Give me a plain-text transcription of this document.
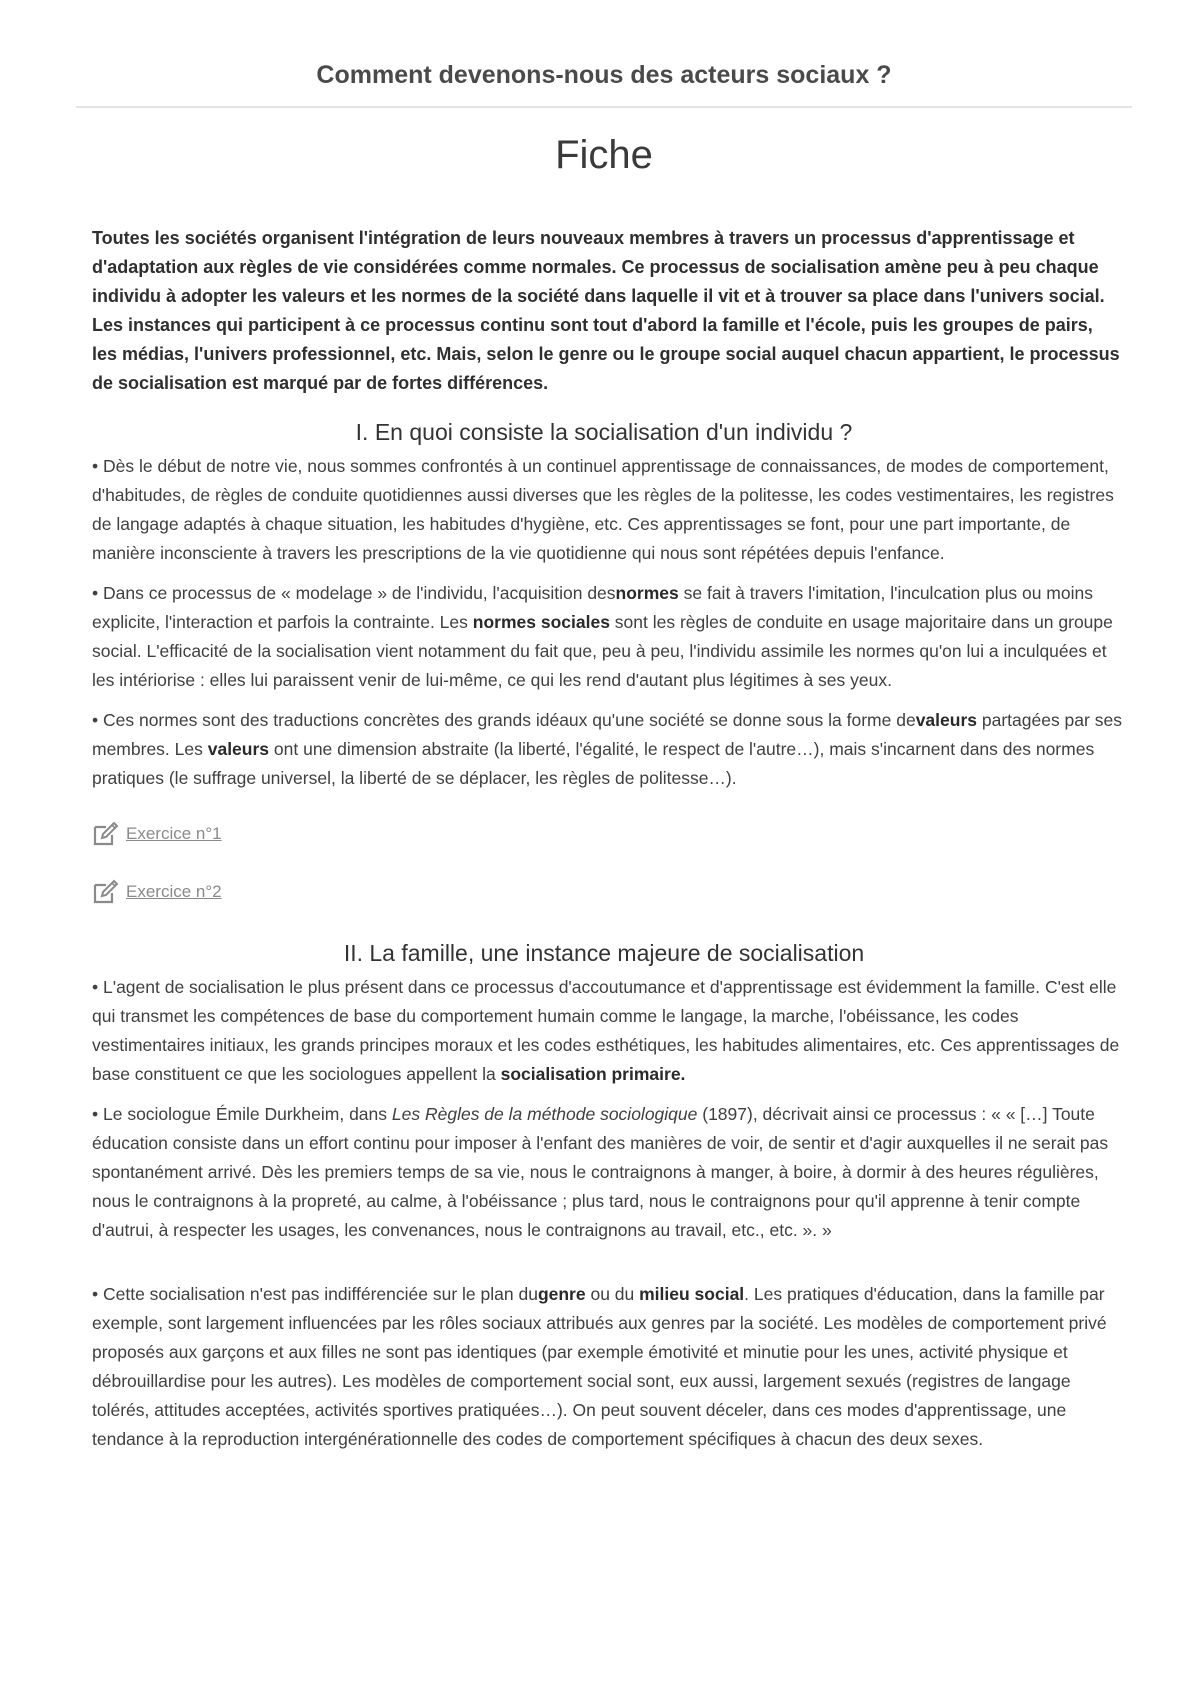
Comment devenons-nous des acteurs sociaux ?
Fiche

Toutes les sociétés organisent l'intégration de leurs nouveaux membres à travers un processus d'apprentissage et d'adaptation aux règles de vie considérées comme normales. Ce processus de socialisation amène peu à peu chaque individu à adopter les valeurs et les normes de la société dans laquelle il vit et à trouver sa place dans l'univers social. Les instances qui participent à ce processus continu sont tout d'abord la famille et l'école, puis les groupes de pairs, les médias, l'univers professionnel, etc. Mais, selon le genre ou le groupe social auquel chacun appartient, le processus de socialisation est marqué par de fortes différences.

I. En quoi consiste la socialisation d'un individu ?

• Dès le début de notre vie, nous sommes confrontés à un continuel apprentissage de connaissances, de modes de comportement, d'habitudes, de règles de conduite quotidiennes aussi diverses que les règles de la politesse, les codes vestimentaires, les registres de langage adaptés à chaque situation, les habitudes d'hygiène, etc. Ces apprentissages se font, pour une part importante, de manière inconsciente à travers les prescriptions de la vie quotidienne qui nous sont répétées depuis l'enfance.

• Dans ce processus de « modelage » de l'individu, l'acquisition desnormes se fait à travers l'imitation, l'inculcation plus ou moins explicite, l'interaction et parfois la contrainte. Les normes sociales sont les règles de conduite en usage majoritaire dans un groupe social. L'efficacité de la socialisation vient notamment du fait que, peu à peu, l'individu assimile les normes qu'on lui a inculquées et les intériorise : elles lui paraissent venir de lui-même, ce qui les rend d'autant plus légitimes à ses yeux.

• Ces normes sont des traductions concrètes des grands idéaux qu'une société se donne sous la forme devaleurs partagées par ses membres. Les valeurs ont une dimension abstraite (la liberté, l'égalité, le respect de l'autre…), mais s'incarnent dans des normes pratiques (le suffrage universel, la liberté de se déplacer, les règles de politesse…).

Exercice n°1
Exercice n°2
II. La famille, une instance majeure de socialisation

• L'agent de socialisation le plus présent dans ce processus d'accoutumance et d'apprentissage est évidemment la famille. C'est elle qui transmet les compétences de base du comportement humain comme le langage, la marche, l'obéissance, les codes vestimentaires initiaux, les grands principes moraux et les codes esthétiques, les habitudes alimentaires, etc. Ces apprentissages de base constituent ce que les sociologues appellent la socialisation primaire.

• Le sociologue Émile Durkheim, dans Les Règles de la méthode sociologique (1897), décrivait ainsi ce processus : « « […] Toute éducation consiste dans un effort continu pour imposer à l'enfant des manières de voir, de sentir et d'agir auxquelles il ne serait pas spontanément arrivé. Dès les premiers temps de sa vie, nous le contraignons à manger, à boire, à dormir à des heures régulières, nous le contraignons à la propreté, au calme, à l'obéissance ; plus tard, nous le contraignons pour qu'il apprenne à tenir compte d'autrui, à respecter les usages, les convenances, nous le contraignons au travail, etc., etc. ». »

• Cette socialisation n'est pas indifférenciée sur le plan dugenre ou du milieu social. Les pratiques d'éducation, dans la famille par exemple, sont largement influencées par les rôles sociaux attribués aux genres par la société. Les modèles de comportement privé proposés aux garçons et aux filles ne sont pas identiques (par exemple émotivité et minutie pour les unes, activité physique et débrouillardise pour les autres). Les modèles de comportement social sont, eux aussi, largement sexués (registres de langage tolérés, attitudes acceptées, activités sportives pratiquées…). On peut souvent déceler, dans ces modes d'apprentissage, une tendance à la reproduction intergénérationnelle des codes de comportement spécifiques à chacun des deux sexes.
